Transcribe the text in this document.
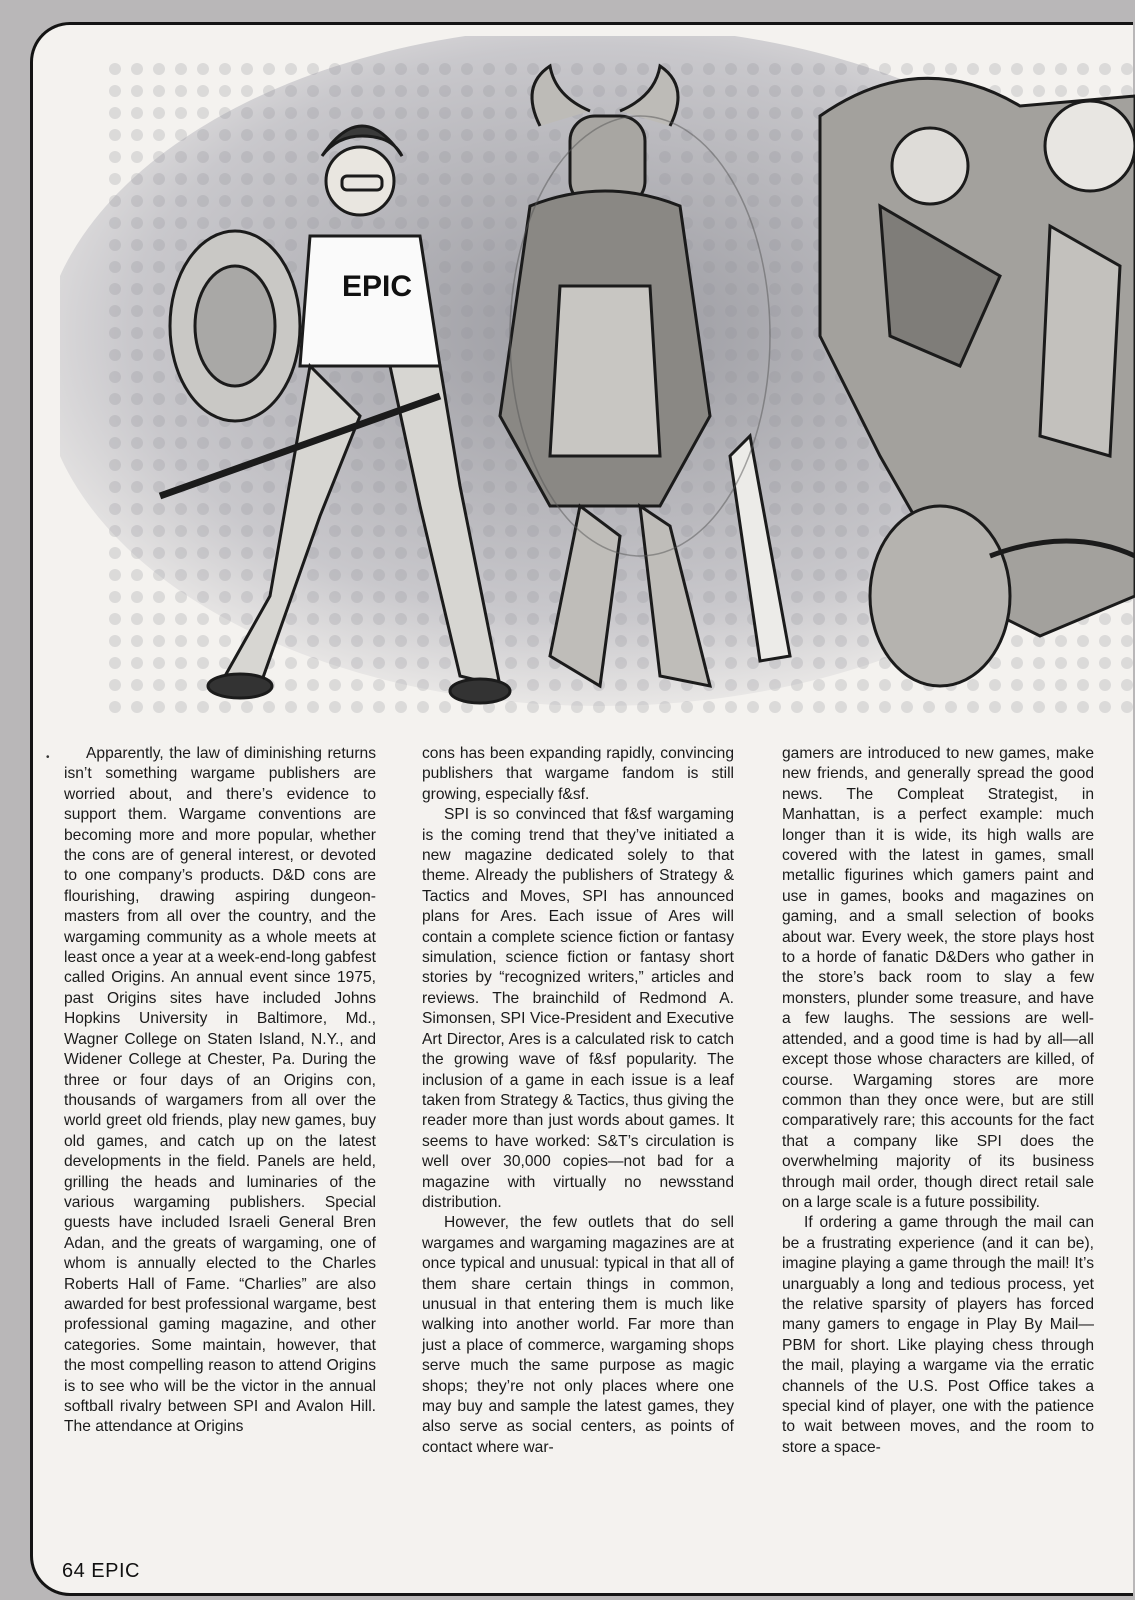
EPIC
•	Apparently, the law of diminishing returns isn’t something wargame publishers are worried about, and there’s evidence to support them. Wargame conventions are becoming more and more popular, whether the cons are of general interest, or devoted to one company’s products. D&D cons are flourishing, drawing aspiring dungeon-masters from all over the country, and the wargaming community as a whole meets at least once a year at a week-end-long gabfest called Origins. An annual event since 1975, past Origins sites have included Johns Hopkins University in Baltimore, Md., Wagner College on Staten Island, N.Y., and Widener College at Chester, Pa. During the three or four days of an Origins con, thousands of wargamers from all over the world greet old friends, play new games, buy old games, and catch up on the latest developments in the field. Panels are held, grilling the heads and luminaries of the various wargaming publishers. Special guests have included Israeli General Bren Adan, and the greats of wargaming, one of whom is annually elected to the Charles Roberts Hall of Fame. “Charlies” are also awarded for best professional wargame, best professional gaming magazine, and other categories. Some maintain, however, that the most compelling reason to attend Origins is to see who will be the victor in the annual softball rivalry between SPI and Avalon Hill. The attendance at Origins

cons has been expanding rapidly, convincing publishers that wargame fandom is still growing, especially f&sf.

SPI is so convinced that f&sf wargaming is the coming trend that they’ve initiated a new magazine dedicated solely to that theme. Already the publishers of Strategy & Tactics and Moves, SPI has announced plans for Ares. Each issue of Ares will contain a complete science fiction or fantasy simulation, science fiction or fantasy short stories by “recognized writers,” articles and reviews. The brainchild of Redmond A. Simonsen, SPI Vice-President and Executive Art Director, Ares is a calculated risk to catch the growing wave of f&sf popularity. The inclusion of a game in each issue is a leaf taken from Strategy & Tactics, thus giving the reader more than just words about games. It seems to have worked: S&T’s circulation is well over 30,000 copies—not bad for a magazine with virtually no newsstand distribution.

However, the few outlets that do sell wargames and wargaming magazines are at once typical and unusual: typical in that all of them share certain things in common, unusual in that entering them is much like walking into another world. Far more than just a place of commerce, wargaming shops serve much the same purpose as magic shops; they’re not only places where one may buy and sample the latest games, they also serve as social centers, as points of contact where war-

gamers are introduced to new games, make new friends, and generally spread the good news. The Compleat Strategist, in Manhattan, is a perfect example: much longer than it is wide, its high walls are covered with the latest in games, small metallic figurines which gamers paint and use in games, books and magazines on gaming, and a small selection of books about war. Every week, the store plays host to a horde of fanatic D&Ders who gather in the store’s back room to slay a few monsters, plunder some treasure, and have a few laughs. The sessions are well-attended, and a good time is had by all—all except those whose characters are killed, of course. Wargaming stores are more common than they once were, but are still comparatively rare; this accounts for the fact that a company like SPI does the overwhelming majority of its business through mail order, though direct retail sale on a large scale is a future possibility.

If ordering a game through the mail can be a frustrating experience (and it can be), imagine playing a game through the mail! It’s unarguably a long and tedious process, yet the relative sparsity of players has forced many gamers to engage in Play By Mail—PBM for short. Like playing chess through the mail, playing a wargame via the erratic channels of the U.S. Post Office takes a special kind of player, one with the patience to wait between moves, and the room to store a space-

64 EPIC
